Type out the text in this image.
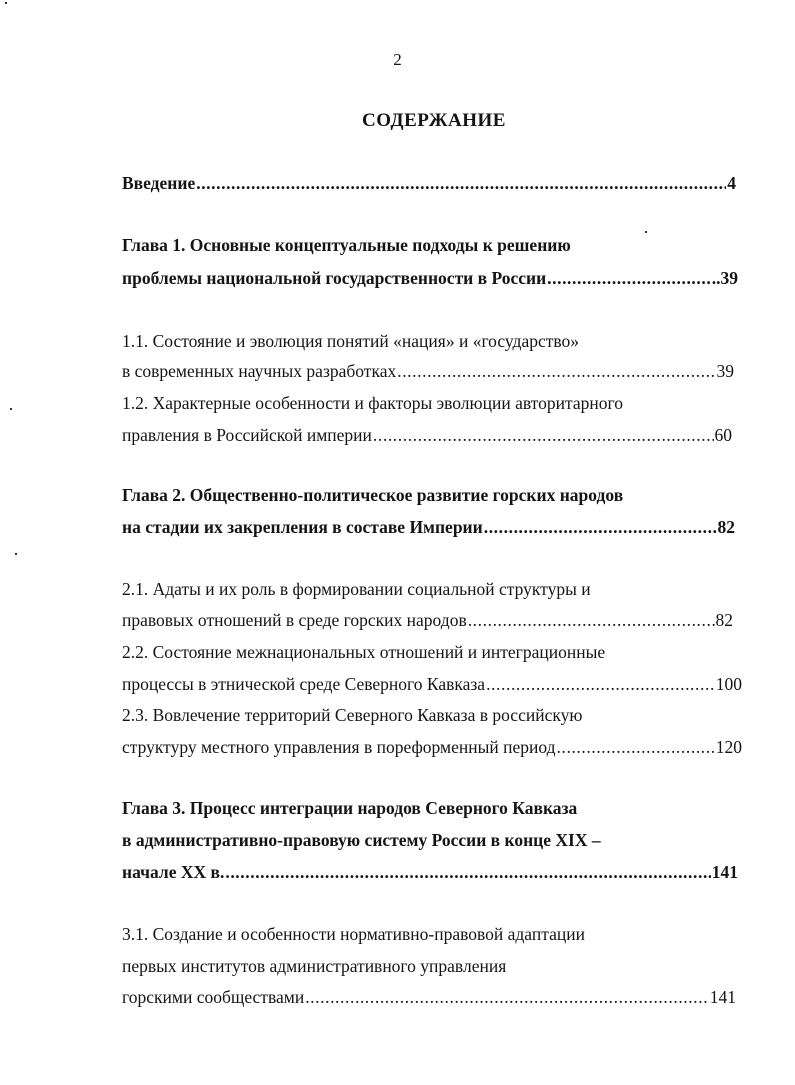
2
СОДЕРЖАНИЕ
Введение .....	4
Глава 1. Основные концептуальные подходы к решению
проблемы национальной государственности в России .....	..39
1.1. Состояние и эволюция понятий «нация» и «государство»
в современных научных разработках .....	39
1.2. Характерные особенности и факторы эволюции авторитарного
правления в Российской империи .....	60
Глава 2. Общественно-политическое развитие горских народов
на стадии их закрепления в составе Империи .....	82
2.1. Адаты и их роль в формировании социальной структуры и
правовых отношений в среде горских народов .....	82
2.2. Состояние межнациональных отношений и интеграционные
процессы в этнической среде Северного Кавказа .....	100
2.3. Вовлечение территорий Северного Кавказа в российскую
структуру местного управления в пореформенный период .....	120
Глава 3. Процесс интеграции народов Северного Кавказа
в административно-правовую систему России в конце XIX –
начале XX в. .....	141
3.1. Создание и особенности нормативно-правовой адаптации
первых институтов административного управления
горскими сообществами .....	141
